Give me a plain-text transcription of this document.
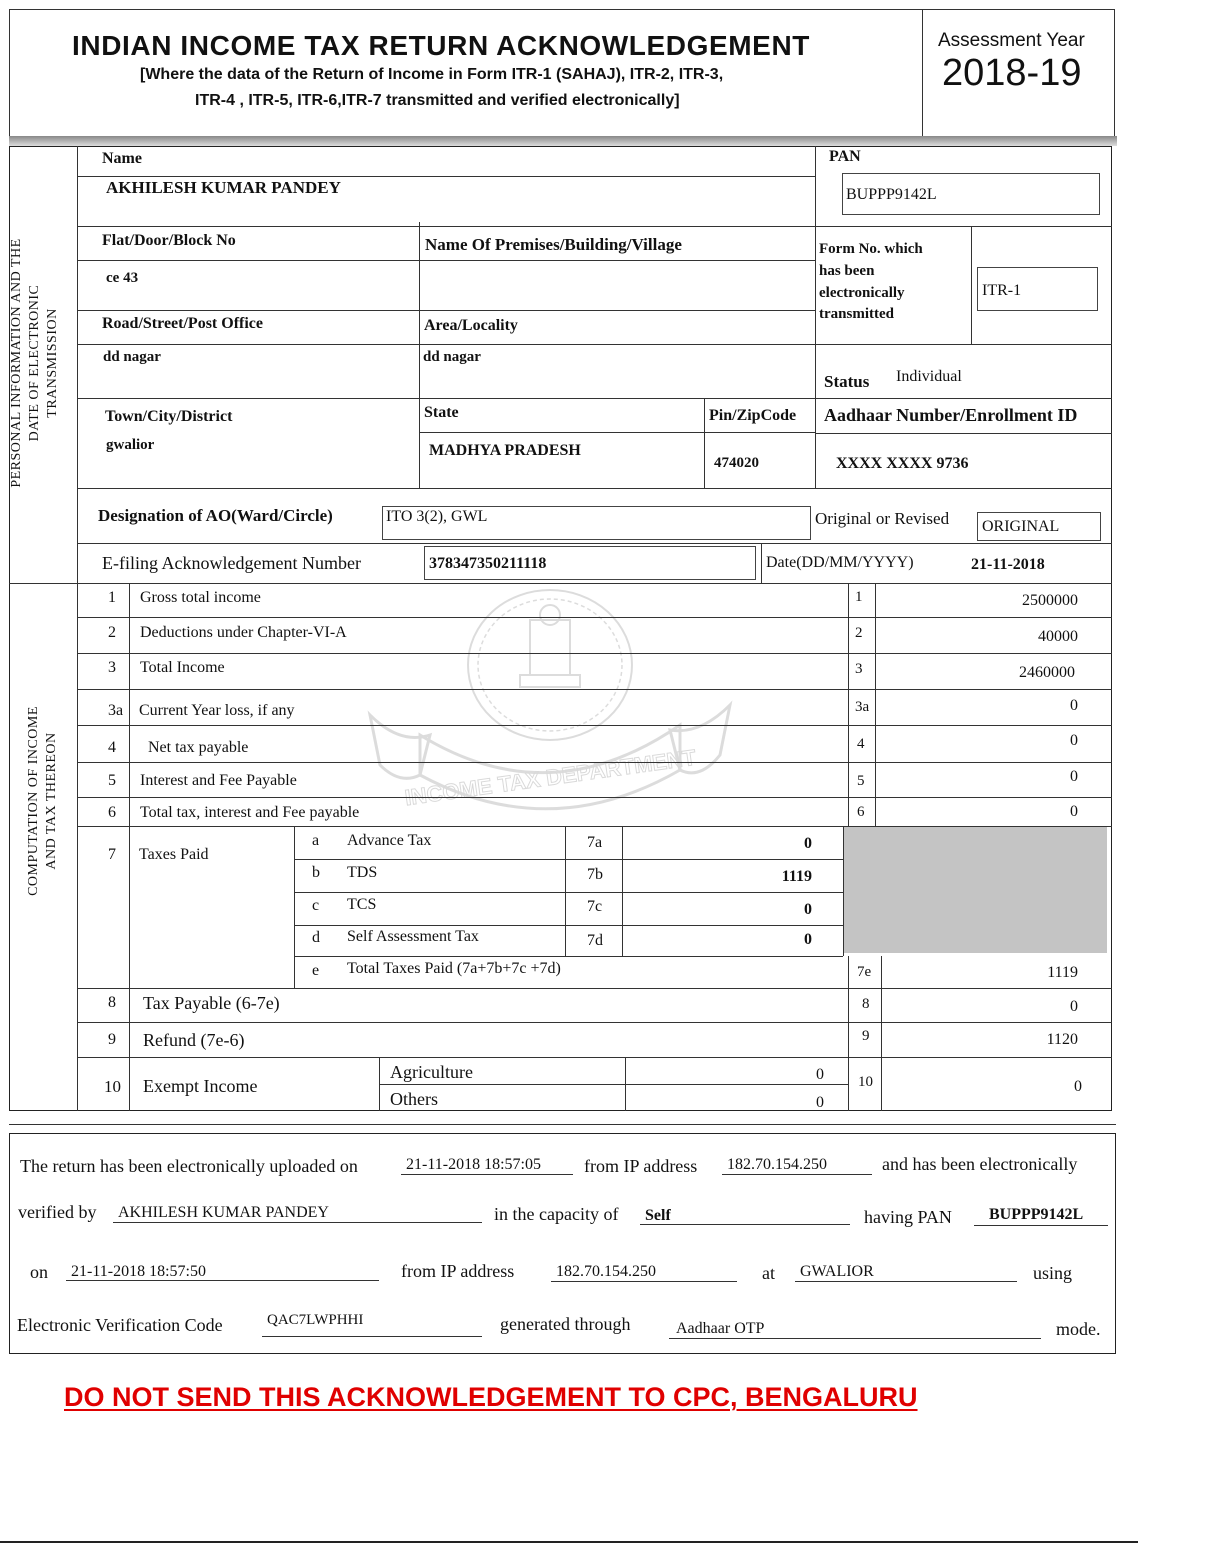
INDIAN INCOME TAX RETURN ACKNOWLEDGEMENT
[Where the data of the Return of Income in Form ITR-1 (SAHAJ), ITR-2, ITR-3,
ITR-4 , ITR-5, ITR-6,ITR-7 transmitted and verified electronically]
Assessment Year
2018-19
PERSONAL INFORMATION AND THE DATE OF ELECTRONIC TRANSMISSION
Name
AKHILESH KUMAR PANDEY
PAN
BUPPP9142L
Flat/Door/Block No
ce 43
Name Of Premises/Building/Village	Form No. which
has been
electronically
transmitted
ITR-1
Road/Street/Post Office	Area/Locality
dd nagar	dd nagar
Status Individual
Town/City/District
gwalior
State
MADHYA PRADESH
Pin/ZipCode
474020
Aadhaar Number/Enrollment ID
XXXX XXXX 9736
Designation of AO(Ward/Circle)	ITO 3(2), GWL	Original or Revised ORIGINAL
E-filing Acknowledgement Number	378347350211118	Date(DD/MM/YYYY)	21-11-2018
INCOME TAX DEPARTMENT
COMPUTATION OF INCOME AND TAX THEREON
1 Gross total income	1	2500000
2 Deductions under Chapter-VI-A	2	40000
3 Total Income	3	2460000
3a Current Year loss, if any	3a	0
4 Net tax payable	4	0
5 Interest and Fee Payable	5	0
6 Total tax, interest and Fee payable	6	0
7 Taxes Paid
a Advance Tax	7a	0
b TDS	7b	1119
c TCS	7c	0
d Self Assessment Tax	7d	0
e Total Taxes Paid (7a+7b+7c +7d)	7e	1119
8 Tax Payable (6-7e)	8	0
9 Refund (7e-6)	9	1120
10 Exempt Income
Agriculture	0
Others	0
10	0
The return has been electronically uploaded on	21-11-2018 18:57:05 from IP address 182.70.154.250	and has been electronically
verified by AKHILESH KUMAR PANDEY	in the capacity of Self	having PAN BUPPP9142L
on 21-11-2018 18:57:50	from IP address	182.70.154.250	at GWALIOR	using
Electronic Verification Code	QAC7LWPHHI	generated through	Aadhaar OTP	mode.
DO NOT SEND THIS ACKNOWLEDGEMENT TO CPC, BENGALURU
